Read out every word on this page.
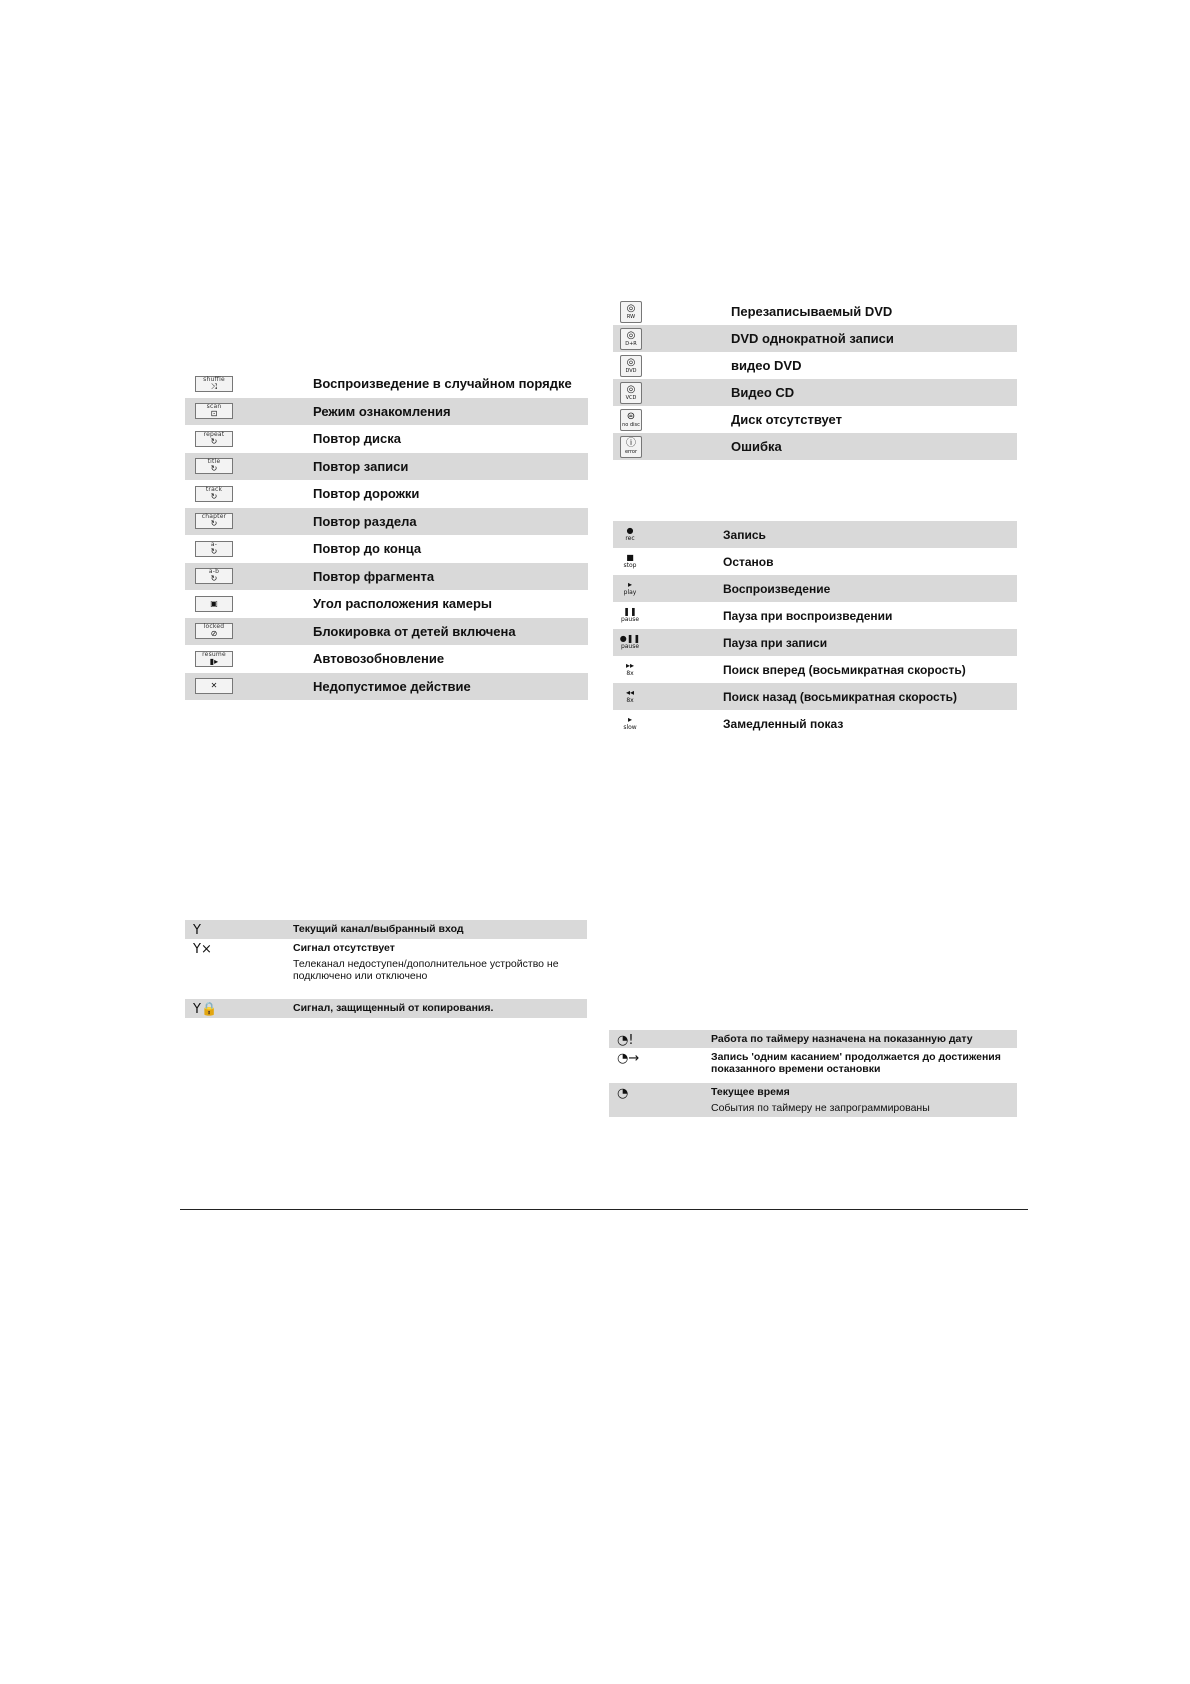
shuffle
⤨	Воспроизведение в случайном порядке
scan
⊡	Режим ознакомления
repeat
↻	Повтор диска
title
↻	Повтор записи
track
↻	Повтор дорожки
chapter
↻	Повтор раздела
a-
↻	Повтор до конца
a-b
↻	Повтор фрагмента
▣	Угол расположения камеры
locked
⊘	Блокировка от детей включена
resume
▮▸	Автовозобновление
✕	Недопустимое действие
◎
RW	Перезаписываемый DVD
◎
D+R	DVD однократной записи
◎
DVD	видео DVD
◎
VCD	Видео CD
⊜
no disc	Диск отсутствует
ⓘ
error	Ошибка
●
rec	Запись
■
stop	Останов
▸
play	Воспроизведение
❚❚
pause	Пауза при воспроизведении
●❚❚
pause	Пауза при записи
▸▸
8x	Поиск вперед (восьмикратная скорость)
◂◂
8x	Поиск назад (восьмикратная скорость)
▸
slow	Замедленный показ
Y	Текущий канал/выбранный вход
Y×	Сигнал отсутствует
Телеканал недоступен/дополнительное устройство не подключено или отключено
Y🔒	Сигнал, защищенный от копирования.
◔!	Работа по таймеру назначена на показанную дату
◔→	Запись 'одним касанием' продолжается до достижения показанного времени остановки
◔	Текущее время
События по таймеру не запрограммированы
